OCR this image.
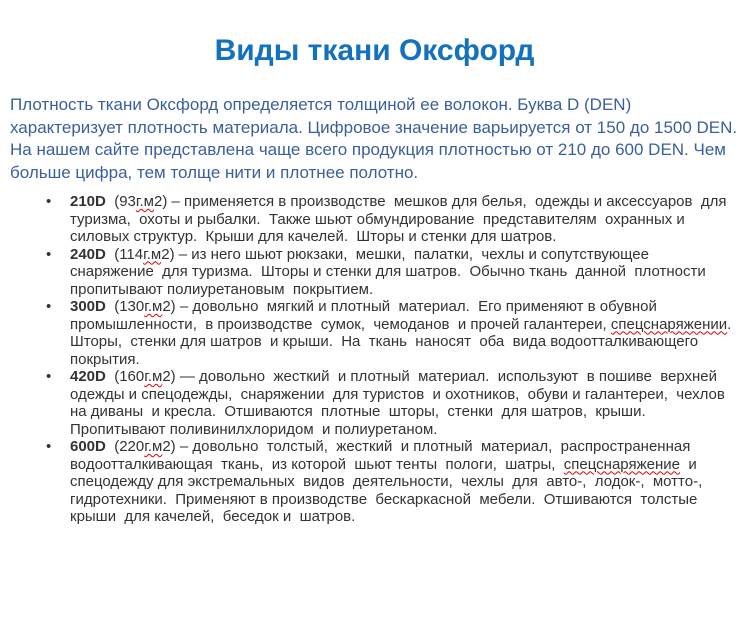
Виды ткани Оксфорд

Плотность ткани Оксфорд определяется толщиной ее волокон. Буква D (DEN) характеризует плотность материала. Цифровое значение варьируется от 150 до 1500 DEN. На нашем сайте представлена чаще всего продукция плотностью от 210 до 600 DEN. Чем больше цифра, тем толще нити и плотнее полотно.

• 210D  (93г.м2) – применяется в производстве  мешков для белья,  одежды и аксессуаров  для туризма,  охоты и рыбалки.  Также шьют обмундирование  представителям  охранных и силовых структур.  Крыши для качелей.  Шторы и стенки для шатров.
• 240D  (114г.м2) – из него шьют рюкзаки,  мешки,  палатки,  чехлы и сопутствующее  снаряжение  для туризма.  Шторы и стенки для шатров.  Обычно ткань  данной  плотности  пропитывают полиуретановым  покрытием.
• 300D  (130г.м2) – довольно  мягкий и плотный  материал.  Его применяют в обувной промышленности,  в производстве  сумок,  чемоданов  и прочей галантереи, спецснаряжении.  Шторы,  стенки для шатров  и крыши.  На  ткань  наносят  оба  вида водоотталкивающего  покрытия.
• 420D  (160г.м2) — довольно  жесткий  и плотный  материал.  используют  в пошиве  верхней одежды и спецодежды,  снаряжении  для туристов  и охотников,  обуви и галантереи,  чехлов  на диваны  и кресла.  Отшиваются  плотные  шторы,  стенки  для шатров,  крыши.  Пропитывают поливинилхлоридом  и полиуретаном.
• 600D  (220г.м2) – довольно  толстый,  жесткий  и плотный  материал,  распространенная водоотталкивающая  ткань,  из которой  шьют тенты  пологи,  шатры,  спецснаряжение  и спецодежду для экстремальных  видов  деятельности,  чехлы  для  авто-,  лодок-,  мотто-,  гидротехники.  Применяют в производстве  бескаркасной  мебели.  Отшиваются  толстые  крыши  для качелей,  беседок и  шатров.
